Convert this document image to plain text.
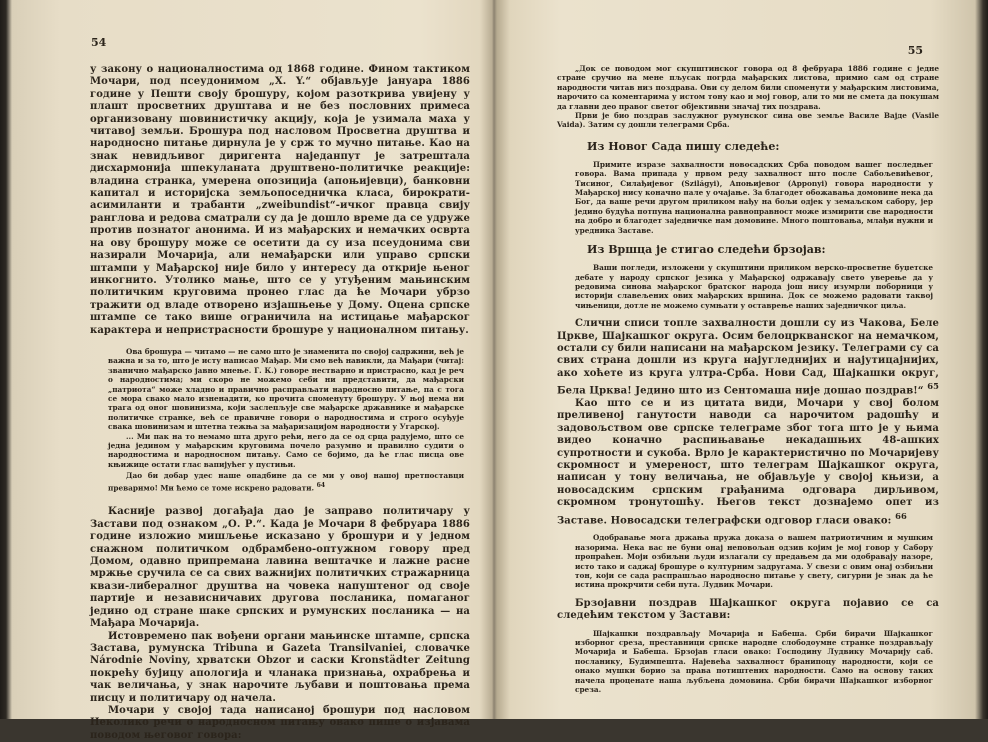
54

у закону о националностима од 1868 године. Фином тактиком Мочари, под псеудонимом „X. Y.“ објављује јануара 1886 године у Пешти своју брошуру, којом разоткрива увијену у плашт просветних друштава и не без пословних примеса организовану шовинистичку акцију, која је узимала маха у читавој земљи. Брошура под насловом Просветна друштва и народносно питање дирнула је у срж то мучно питање. Као на знак невидљивог диригента наједанпут је затрештала дисхармонија шпекуланата друштвено-политичке реакције: владина странка, умерена опозиција (апоњијевци), банковни капитал и историјска земљопоседничка класа, бирократи-асимиланти и трабанти „zweibundist“-ичког правца свију ранглова и редова сматрали су да је дошло време да се удруже против познатог анонима. И из мађарских и немачких осврта на ову брошуру може се осетити да су иза псеудонима сви назирали Мочарија, али немађарски или управо српски штампи у Мађарској није било у интересу да открије њеног инкогнито. Утолико мање, што се у утуђеним мањинским политичким круговима пронео глас да ће Мочари убрзо тражити од владе отворено изјашњење у Дому. Оцена српске штампе се тако више ограничила на истицање мађарског карактера и непристрасности брошуре у национaлном питању.

Ова брошура — читамо — не само што је знаменита по својој садржини, већ је важна и за то, што је исту написао Мађар. Ми смо већ навикли, да Мађари (читај: званично мађарско јавно мнење. Г. К.) говоре нестварно и пристрасно, кад је реч о народностима; ми скоро не можемо себи ни представити, да мађарски „патриота“ може хладно и правично расправљати народносно питање, па с тога се мора свако мало изненадити, ко прочита споменуту брошуру. У њој нема ни трага од оног шовинизма, који заслепљује све мађарске државнике и мађарске политичке странке, већ се правичне говори о народностима и строго осуђује свака шовинизам и штетна тежња за мађаризацијом народности у Угарској.

... Ми пак на то немамо шта друго рећи, него да се од срца радујемо, што се једна једином у мађарским круговима почело разумно и правилно судити о народностима и народносном питању. Само се бојимо, да ће глас писца ове књижице остати глас вапијућег у пустињи.

Дао би добар удес наше опадбине да се ми у овој нашој претпоставци преваримо! Ми ћемо се томе искрено радовати. $^{64}$

Касније развој догађаја дао је заправо политичару у Застави под ознаком „О. Р.“. Када је Мочари 8 фебруара 1886 године изложио мишљење исказано у брошури и у једном снажном политичком одбрамбено-оптужном говору пред Домом, одавно припремана лавина вештачке и лажне расне мржње сручила се са свих важнијих политичких стражарница квази-либералног друштва на човека напуштеног од своје партије и независничавих другова посланика, помаганог једино од стране шаке српских и румунских посланика — на Мађара Мочарија.

Истовремено пак вођени органи мањинске штампе, српска Застава, румунска Tribuna и Gazeta Transilvaniei, словачке Národnie Noviny, хрватски Obzor и саски Kronstädter Zeitung покрећу бујицу апологија и чланака признања, охрабрења и чак величања, у знак нарочите љубави и поштовања према писцу и политичару од начела.

Мочари у својој тада написаној брошури под насловом Неколико речи о народносном питању овако пише о изјавама поводом његовог говора:

55

„Док се поводом мог скупштинског говора од 8 фебруара 1886 године с једне стране сручио на мене пљусак погрда мађарских листова, примио сам од стране народности читав низ поздрава. Ови су делом били споменути у мађарским листовима, нарочито са коментарима у истом тону као и мој говор, али то ми не смета да покушам да главни део правог светог објективни значај тих поздрава.

Први је био поздрав заслужног румунског сина ове земље Василе Вајде (Vasile Vaida). Затим су дошли телеграми Срба.

Из Новог Сада пишу следеће:

Примите изразе захвалности новосадских Срба поводом вашег последњег говора. Вама припада у првом реду захвалност што после Сабољевићевог, Тисиног, Силађијевог (Szilágyi), Апоњијевог (Apponyi) говора народности у Мађарској нису коначно пале у очајање. За благодет обожавања домовине нека да Бог, да ваше речи другом приликом нађу на бољи одјек у земаљском сабору, јер једино будућа потпуна национална равноправност може измирити све народности на добро и благодет заједничке нам домовине. Много поштовања, млађи нужни и уредника Заставе.

Из Вршца је стигао следећи брзојав:

Ваши погледи, изложени у скупштини приликом верско-просветне буџетске дебате у народу српског језика у Мађарској одржавају свето уверење да у редовима синова мађарског братског народа још нису изумрли поборници у историји славељених ових мађарских вршина. Док се можемо радовати таквој чињеници, дотле не можемо сумњати у оставрење наших заједничког циља.

Слични списи топле захвалности дошли су из Чакова, Беле Цркве, Шајкашког округа. Осим белоцркванског на немачком, остали су били написани на мађарском језику. Телеграми су са свих страна дошли из круга најугледнијих и најутицајнијих, ако хоћете из круга ултра-Срба. Нови Сад, Шајкашки округ, Бела Црква! Једино што из Сентомаша није дошао поздрав!“ $^{65}$

Као што се и из цитата види, Мочари у свој болом преливеној ганутости наводи са нарочитом радошћу и задовољством ове српске телеграме због тога што је у њима видео коначно распињавање некадашњих 48-ашких супротности и сукоба. Врло је карактеристично по Мочаријеву скромност и умереност, што телеграм Шајкашког округа, написан у тону величања, не објављује у својој књизи, а новосадским српским грађанима одговара дирљивом, скромном тронутошћу. Његов текст дознајемо опет из Заставе. Новосадски телеграфски одговор гласи овако: $^{66}$

Одобравање мога држања пружа доказа о вашем патриотичним и мушким назорима. Нека вас не буни онај неповољан одзив којим је мој говор у Сабору пропраћен. Моји озбиљни људи излагали су предањем да ми одобравају назоре, исто тако и саджај брошуре о културним задругама. У свези с овим онај озбиљни тон, који се сада распрашљао народносно питање у свету, сигурни је знак да ће истина прокрчити себи пута. Лудвик Мочари.

Брзојавни поздрав Шајкашког округа појавио се са следећим текстом у Застави:

Шајкашки поздрављају Мочарија и Бабеша. Срби бирачи Шајкашког изборног среза, преставници српске народне слободоумне странке поздрављају Мочарија и Бабеша. Брзојав гласи овако: Господину Лудвику Мочарију саб. посланику, Будимпешта. Најевећа захвалност бранипоцу народности, који се онако мушки борио за права потиштених народности. Само на основу таких начела проценате наша љубљена домовина. Срби бирачи Шајкашког изборног среза.
